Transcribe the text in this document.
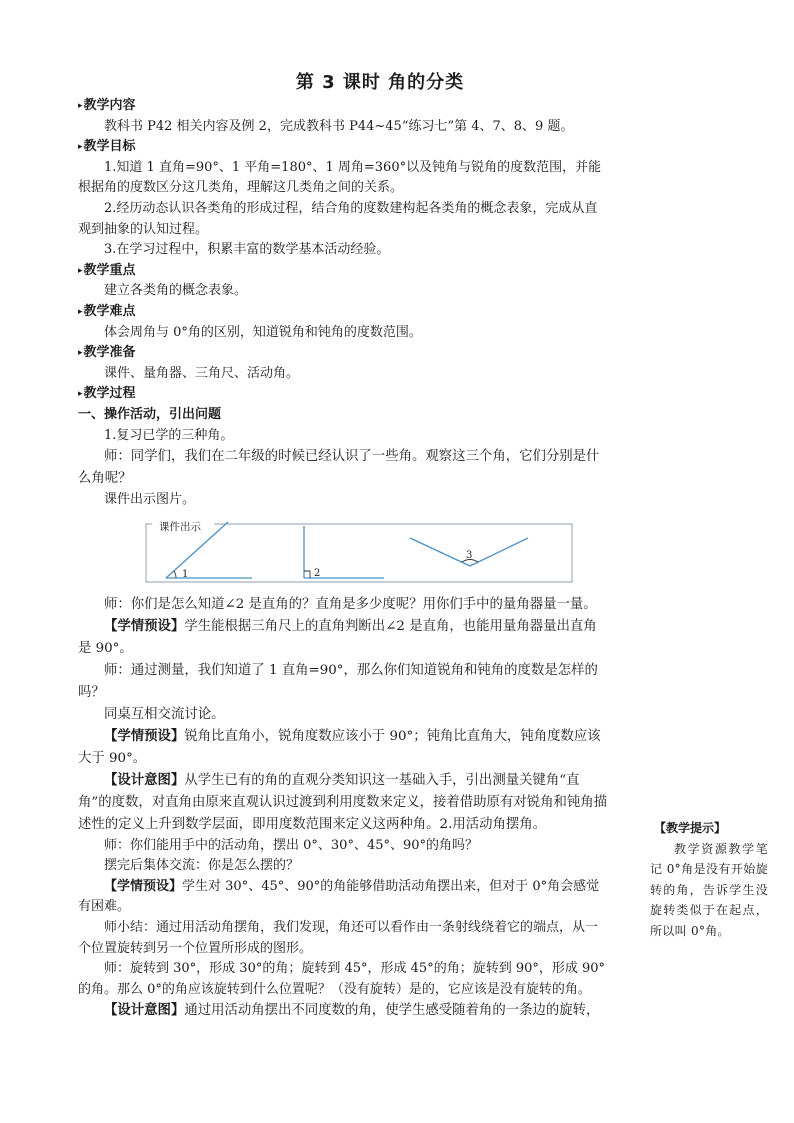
第 3 课时 角的分类

▸教学内容

教科书 P42 相关内容及例 2，完成教科书 P44~45“练习七”第 4、7、8、9 题。

▸教学目标

1.知道 1 直角=90°、1 平角=180°、1 周角=360°以及钝角与锐角的度数范围，并能根据角的度数区分这几类角，理解这几类角之间的关系。

2.经历动态认识各类角的形成过程，结合角的度数建构起各类角的概念表象，完成从直观到抽象的认知过程。

3.在学习过程中，积累丰富的数学基本活动经验。

▸教学重点

建立各类角的概念表象。

▸教学难点

体会周角与 0°角的区别，知道锐角和钝角的度数范围。

▸教学准备

课件、量角器、三角尺、活动角。

▸教学过程

一、操作活动，引出问题

1.复习已学的三种角。

师：同学们，我们在二年级的时候已经认识了一些角。观察这三个角，它们分别是什么角呢？

课件出示图片。

1	2
3
课件出示

师：你们是怎么知道∠2 是直角的？直角是多少度呢？用你们手中的量角器量一量。

【学情预设】学生能根据三角尺上的直角判断出∠2 是直角，也能用量角器量出直角是 90°。

师：通过测量，我们知道了 1 直角=90°，那么你们知道锐角和钝角的度数是怎样的吗？

同桌互相交流讨论。

【学情预设】锐角比直角小，锐角度数应该小于 90°；钝角比直角大，钝角度数应该大于 90°。

【设计意图】从学生已有的角的直观分类知识这一基础入手，引出测量关键角“直角”的度数，对直角由原来直观认识过渡到利用度数来定义，接着借助原有对锐角和钝角描述性的定义上升到数学层面，即用度数范围来定义这两种角。2.用活动角摆角。

师：你们能用手中的活动角，摆出 0°、30°、45°、90°的角吗？

摆完后集体交流：你是怎么摆的？

【学情预设】学生对 30°、45°、90°的角能够借助活动角摆出来，但对于 0°角会感觉有困难。

师小结：通过用活动角摆角，我们发现，角还可以看作由一条射线绕着它的端点，从一个位置旋转到另一个位置所形成的图形。

师：旋转到 30°，形成 30°的角；旋转到 45°，形成 45°的角；旋转到 90°，形成 90°的角。那么 0°的角应该旋转到什么位置呢？（没有旋转）是的，它应该是没有旋转的角。

【设计意图】通过用活动角摆出不同度数的角，使学生感受随着角的一条边的旋转，

【教学提示】
教学资源教学笔记 0°角是没有开始旋转的角，告诉学生没旋转类似于在起点，所以叫 0°角。
